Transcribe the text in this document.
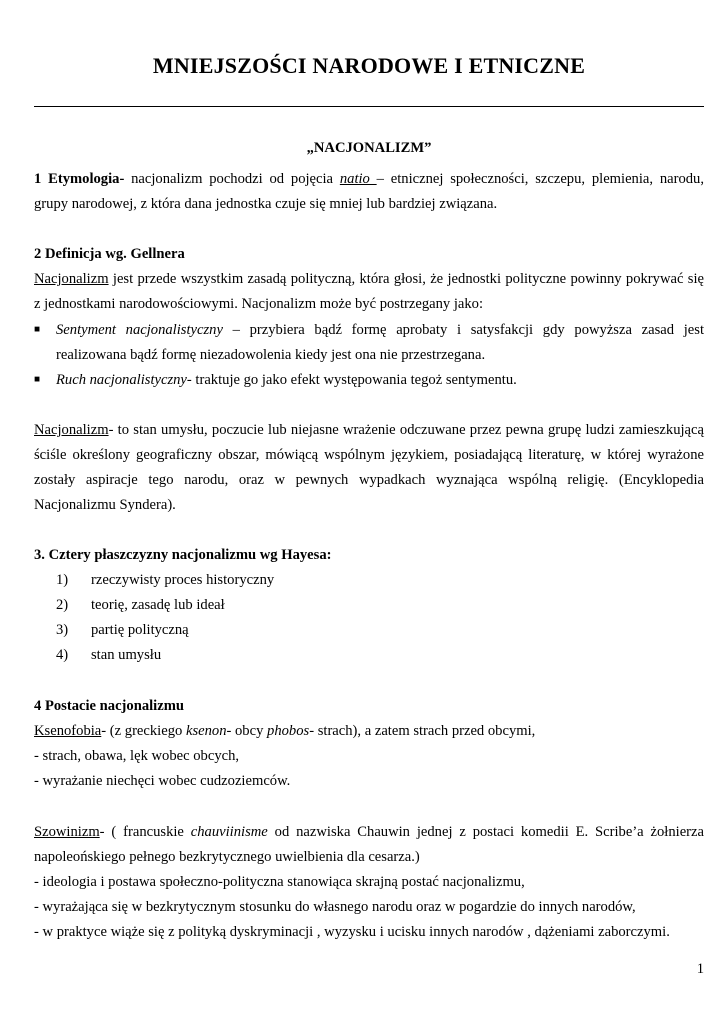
MNIEJSZOŚCI NARODOWE I ETNICZNE
„NACJONALIZM”
1 Etymologia- nacjonalizm pochodzi od pojęcia natio – etnicznej społeczności, szczepu, plemienia, narodu,
grupy narodowej, z która dana jednostka czuje się mniej lub bardziej związana.
2 Definicja wg. Gellnera
Nacjonalizm jest przede wszystkim zasadą polityczną, która głosi, że jednostki polityczne powinny pokrywać się
z jednostkami narodowościowymi. Nacjonalizm może być postrzegany jako:
■	Sentyment nacjonalistyczny – przybiera bądź formę aprobaty i satysfakcji gdy powyższa zasad jest
realizowana bądź formę niezadowolenia kiedy jest ona nie przestrzegana.
■	Ruch nacjonalistyczny- traktuje go jako efekt występowania tegoż sentymentu.
Nacjonalizm- to stan umysłu, poczucie lub niejasne wrażenie odczuwane przez pewna grupę ludzi zamieszkującą
ściśle określony geograficzny obszar, mówiącą wspólnym językiem, posiadającą literaturę, w której wyrażone
zostały aspiracje tego narodu, oraz w pewnych wypadkach wyznająca wspólną religię. (Encyklopedia
Nacjonalizmu Syndera).
3. Cztery płaszczyzny nacjonalizmu wg Hayesa:
1)	rzeczywisty proces historyczny
2)	teorię, zasadę lub ideał
3)	partię polityczną
4)	stan umysłu
4 Postacie nacjonalizmu
Ksenofobia- (z greckiego ksenon- obcy phobos- strach), a zatem strach przed obcymi,
- strach, obawa, lęk wobec obcych,
- wyrażanie niechęci wobec cudzoziemców.
Szowinizm- ( francuskie chauviinisme od nazwiska Chauwin jednej z postaci komedii E. Scribe’a żołnierza
napoleońskiego pełnego bezkrytycznego uwielbienia dla cesarza.)
- ideologia i postawa społeczno-polityczna stanowiąca skrajną postać nacjonalizmu,
- wyrażająca się w bezkrytycznym stosunku do własnego narodu oraz w pogardzie do innych narodów,
- w praktyce wiąże się z polityką dyskryminacji , wyzysku i ucisku innych narodów , dążeniami zaborczymi.
1
